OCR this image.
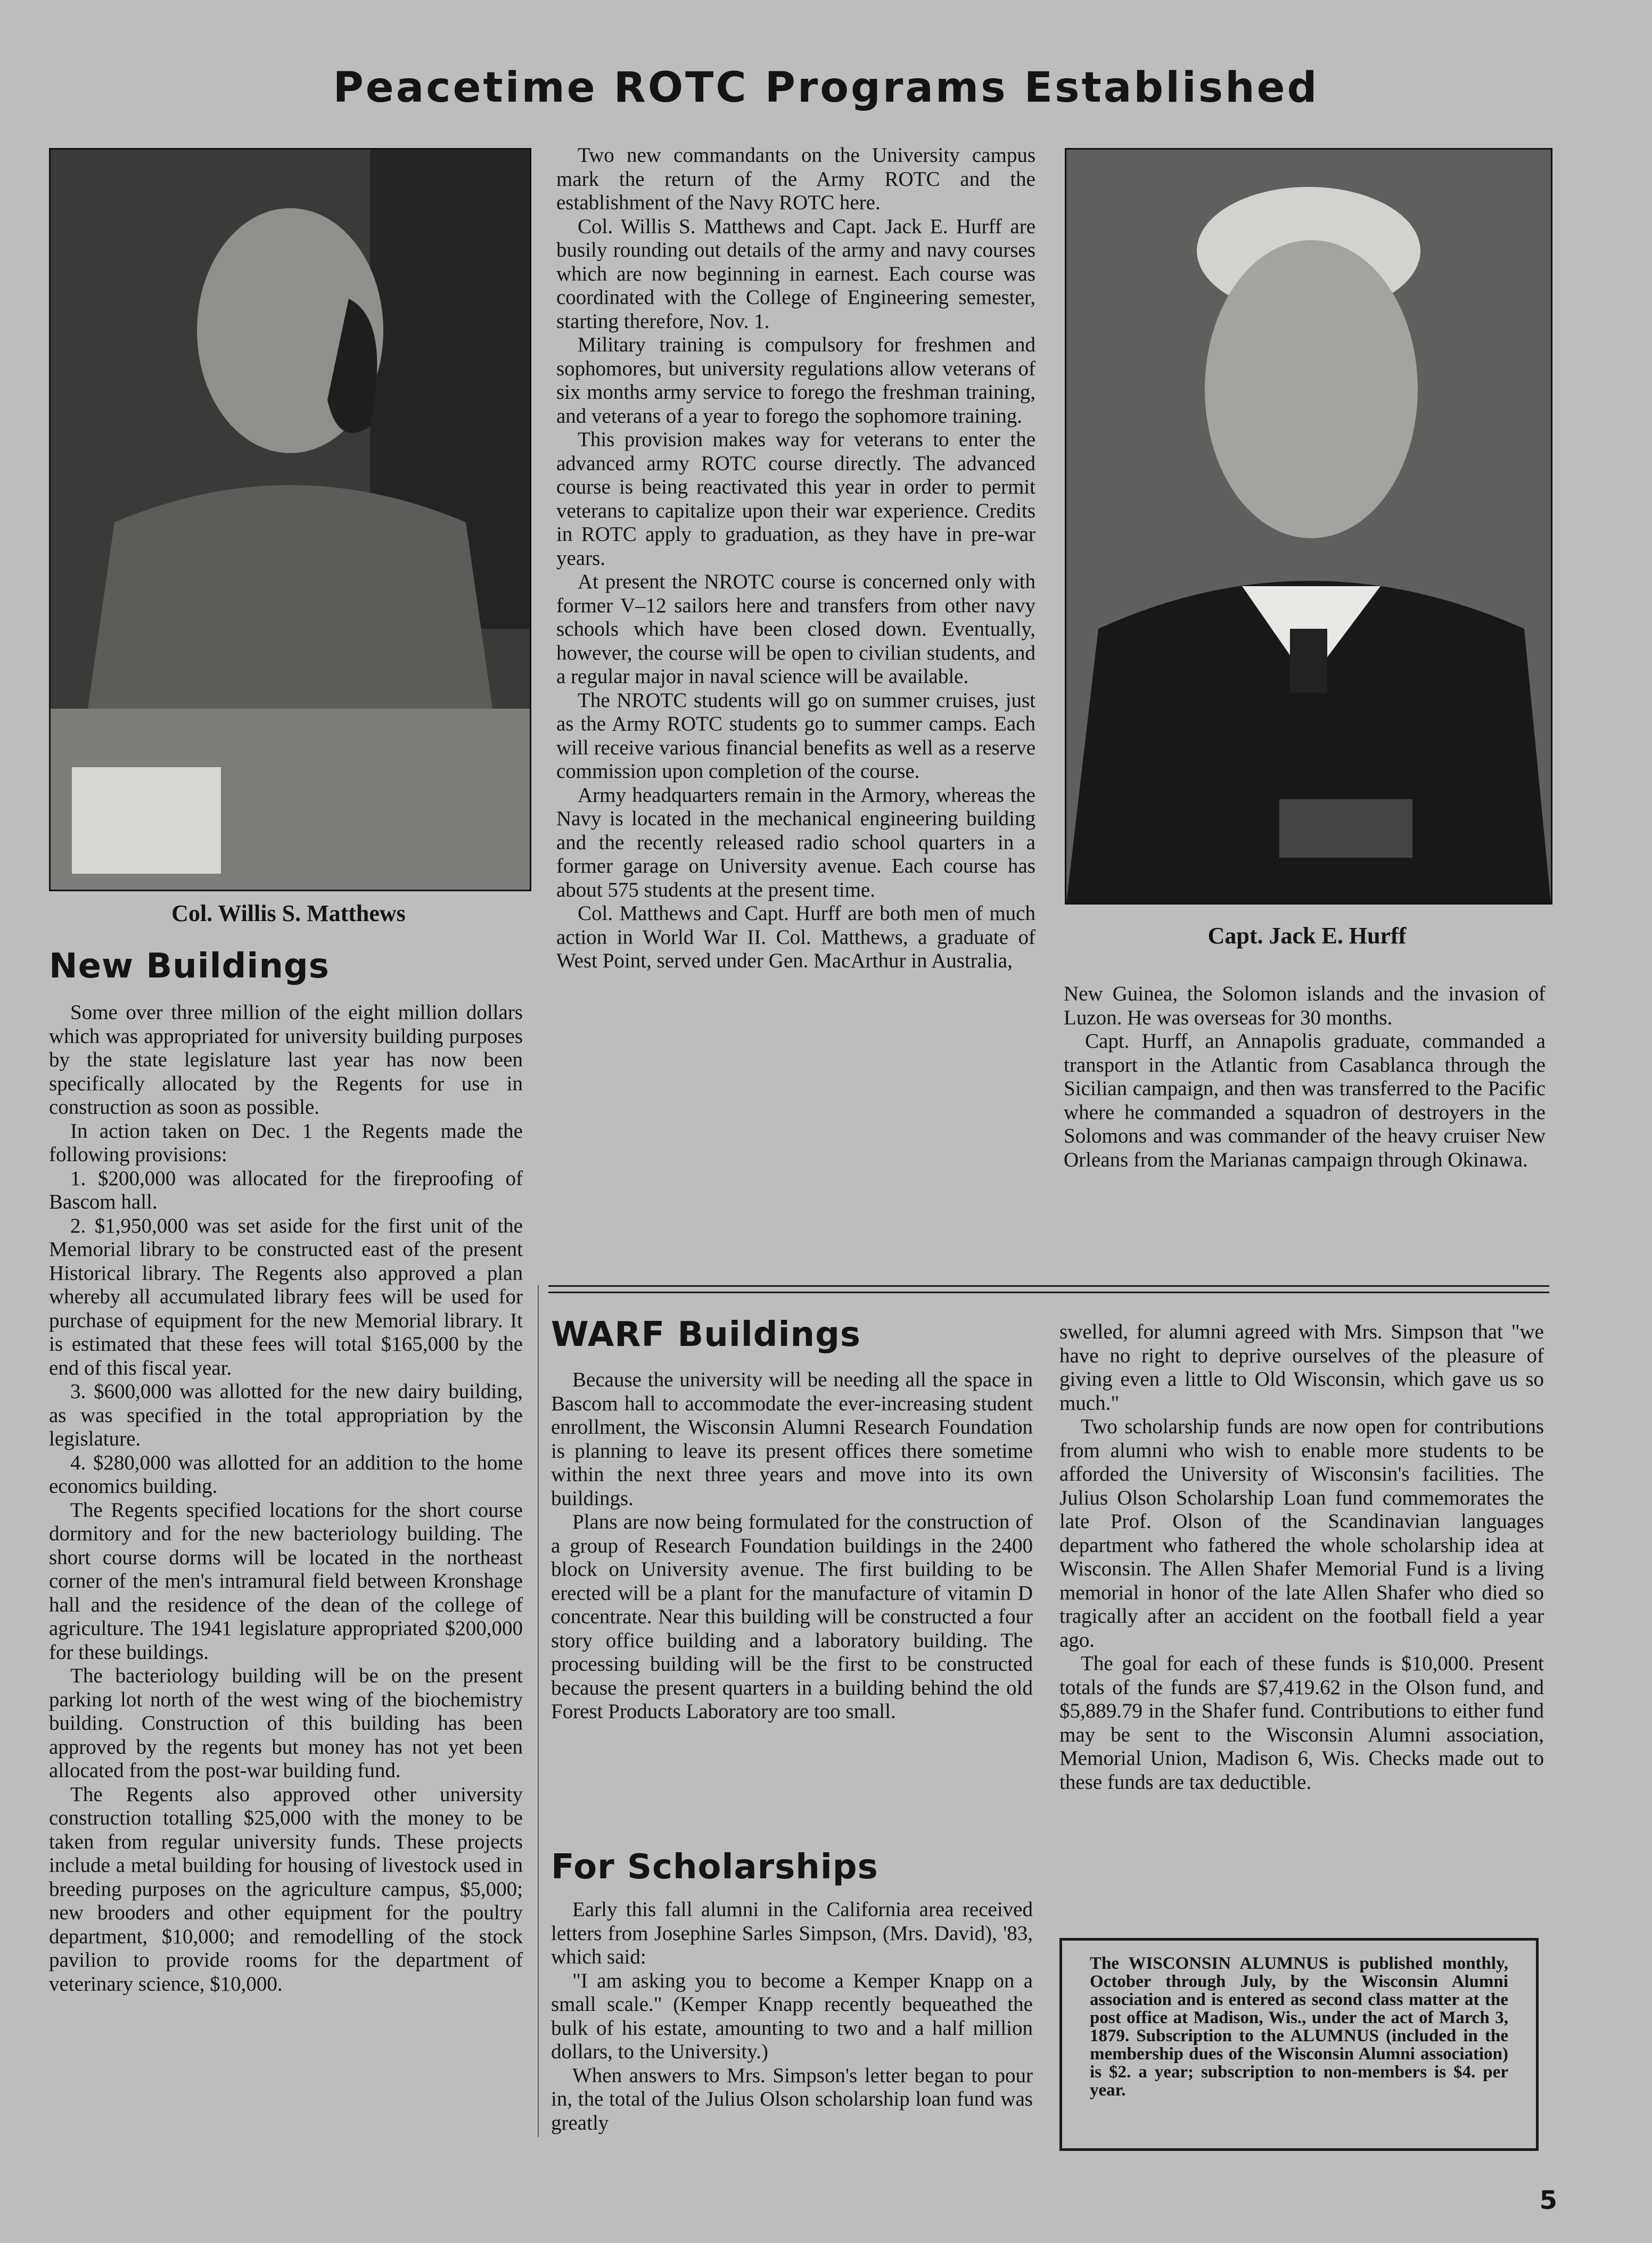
Peacetime ROTC Programs Established

Col. Willis S. Matthews

Capt. Jack E. Hurff

Two new commandants on the University campus mark the return of the Army ROTC and the establishment of the Navy ROTC here.

Col. Willis S. Matthews and Capt. Jack E. Hurff are busily rounding out details of the army and navy courses which are now beginning in earnest. Each course was coordinated with the College of Engineering semester, starting therefore, Nov. 1.

Military training is compulsory for freshmen and sophomores, but university regulations allow veterans of six months army service to forego the freshman training, and veterans of a year to forego the sophomore training.

This provision makes way for veterans to enter the advanced army ROTC course directly. The advanced course is being reactivated this year in order to permit veterans to capitalize upon their war experience. Credits in ROTC apply to graduation, as they have in pre-war years.

At present the NROTC course is concerned only with former V–12 sailors here and transfers from other navy schools which have been closed down. Eventually, however, the course will be open to civilian students, and a regular major in naval science will be available.

The NROTC students will go on summer cruises, just as the Army ROTC students go to summer camps. Each will receive various financial benefits as well as a reserve commission upon completion of the course.

Army headquarters remain in the Armory, whereas the Navy is located in the mechanical engineering building and the recently released radio school quarters in a former garage on University avenue. Each course has about 575 students at the present time.

Col. Matthews and Capt. Hurff are both men of much action in World War II. Col. Matthews, a graduate of West Point, served under Gen. MacArthur in Australia,

New Guinea, the Solomon islands and the invasion of Luzon. He was overseas for 30 months.

Capt. Hurff, an Annapolis graduate, commanded a transport in the Atlantic from Casablanca through the Sicilian campaign, and then was transferred to the Pacific where he commanded a squadron of destroyers in the Solomons and was commander of the heavy cruiser New Orleans from the Marianas campaign through Okinawa.

New Buildings

Some over three million of the eight million dollars which was appropriated for university building purposes by the state legislature last year has now been specifically allocated by the Regents for use in construction as soon as possible.

In action taken on Dec. 1 the Regents made the following provisions:

1. $200,000 was allocated for the fireproofing of Bascom hall.

2. $1,950,000 was set aside for the first unit of the Memorial library to be constructed east of the present Historical library. The Regents also approved a plan whereby all accumulated library fees will be used for purchase of equipment for the new Memorial library. It is estimated that these fees will total $165,000 by the end of this fiscal year.

3. $600,000 was allotted for the new dairy building, as was specified in the total appropriation by the legislature.

4. $280,000 was allotted for an addition to the home economics building.

The Regents specified locations for the short course dormitory and for the new bacteriology building. The short course dorms will be located in the northeast corner of the men's intramural field between Kronshage hall and the residence of the dean of the college of agriculture. The 1941 legislature appropriated $200,000 for these buildings.

The bacteriology building will be on the present parking lot north of the west wing of the biochemistry building. Construction of this building has been approved by the regents but money has not yet been allocated from the post-war building fund.

The Regents also approved other university construction totalling $25,000 with the money to be taken from regular university funds. These projects include a metal building for housing of livestock used in breeding purposes on the agriculture campus, $5,000; new brooders and other equipment for the poultry department, $10,000; and remodelling of the stock pavilion to provide rooms for the department of veterinary science, $10,000.

WARF Buildings

Because the university will be needing all the space in Bascom hall to accommodate the ever-increasing student enrollment, the Wisconsin Alumni Research Foundation is planning to leave its present offices there sometime within the next three years and move into its own buildings.

Plans are now being formulated for the construction of a group of Research Foundation buildings in the 2400 block on University avenue. The first building to be erected will be a plant for the manufacture of vitamin D concentrate. Near this building will be constructed a four story office building and a laboratory building. The processing building will be the first to be constructed because the present quarters in a building behind the old Forest Products Laboratory are too small.

For Scholarships

Early this fall alumni in the California area received letters from Josephine Sarles Simpson, (Mrs. David), '83, which said:

"I am asking you to become a Kemper Knapp on a small scale." (Kemper Knapp recently bequeathed the bulk of his estate, amounting to two and a half million dollars, to the University.)

When answers to Mrs. Simpson's letter began to pour in, the total of the Julius Olson scholarship loan fund was greatly

swelled, for alumni agreed with Mrs. Simpson that "we have no right to deprive ourselves of the pleasure of giving even a little to Old Wisconsin, which gave us so much."

Two scholarship funds are now open for contributions from alumni who wish to enable more students to be afforded the University of Wisconsin's facilities. The Julius Olson Scholarship Loan fund commemorates the late Prof. Olson of the Scandinavian languages department who fathered the whole scholarship idea at Wisconsin. The Allen Shafer Memorial Fund is a living memorial in honor of the late Allen Shafer who died so tragically after an accident on the football field a year ago.

The goal for each of these funds is $10,000. Present totals of the funds are $7,419.62 in the Olson fund, and $5,889.79 in the Shafer fund. Contributions to either fund may be sent to the Wisconsin Alumni association, Memorial Union, Madison 6, Wis. Checks made out to these funds are tax deductible.

The WISCONSIN ALUMNUS is published monthly, October through July, by the Wisconsin Alumni association and is entered as second class matter at the post office at Madison, Wis., under the act of March 3, 1879. Subscription to the ALUMNUS (included in the membership dues of the Wisconsin Alumni association) is $2. a year; subscription to non-members is $4. per year.

5
